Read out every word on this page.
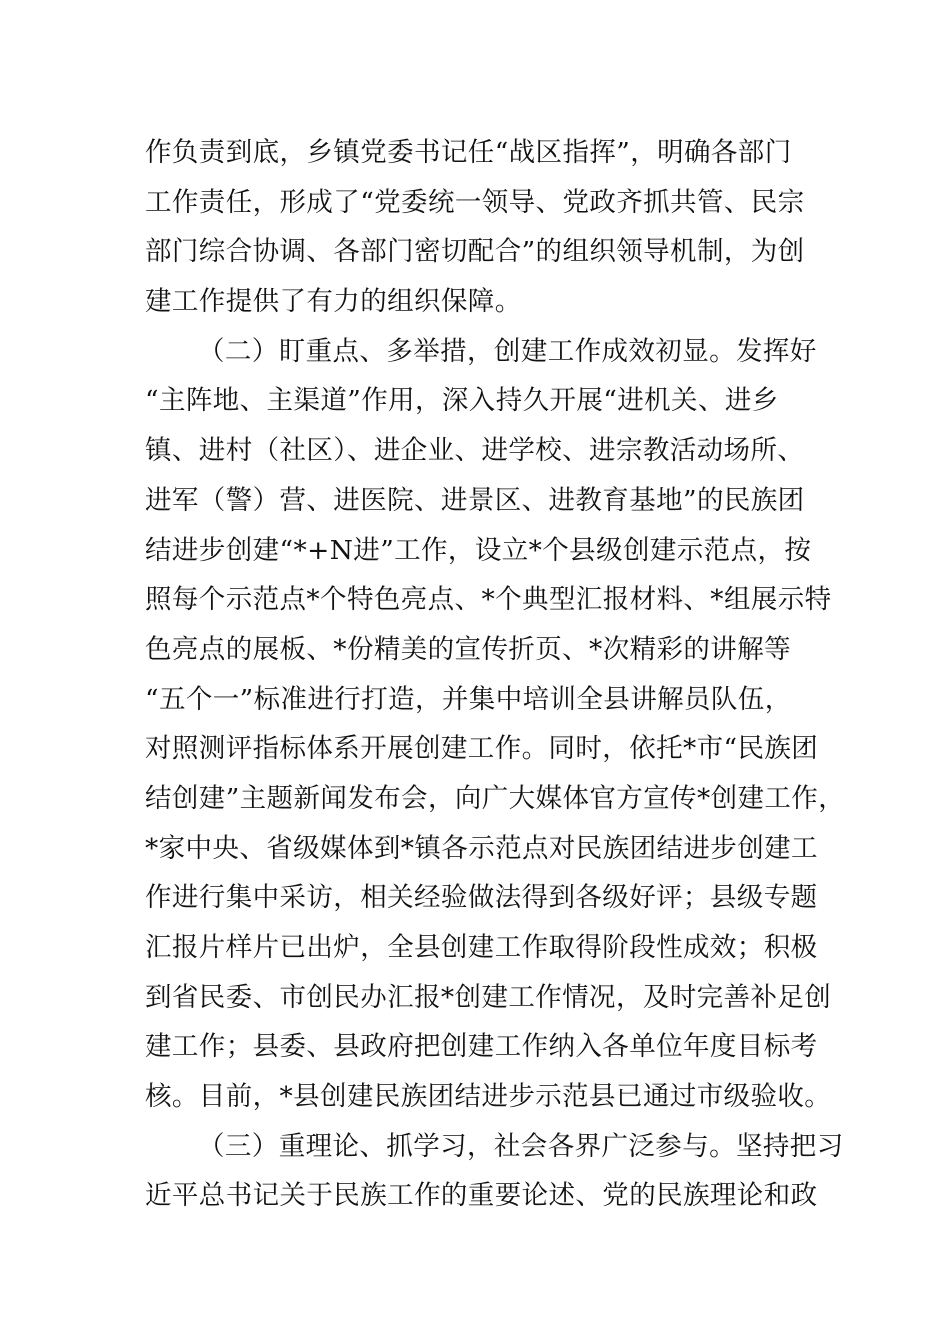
作负责到底，乡镇党委书记任“战区指挥”，明确各部门
工作责任，形成了“党委统一领导、党政齐抓共管、民宗
部门综合协调、各部门密切配合”的组织领导机制，为创
建工作提供了有力的组织保障。
（二）盯重点、多举措，创建工作成效初显。发挥好
“主阵地、主渠道”作用，深入持久开展“进机关、进乡
镇、进村（社区）、进企业、进学校、进宗教活动场所、
进军（警）营、进医院、进景区、进教育基地”的民族团
结进步创建“*+N进”工作，设立*个县级创建示范点，按
照每个示范点*个特色亮点、*个典型汇报材料、*组展示特
色亮点的展板、*份精美的宣传折页、*次精彩的讲解等
“五个一”标准进行打造，并集中培训全县讲解员队伍，
对照测评指标体系开展创建工作。同时，依托*市“民族团
结创建”主题新闻发布会，向广大媒体官方宣传*创建工作，
*家中央、省级媒体到*镇各示范点对民族团结进步创建工
作进行集中采访，相关经验做法得到各级好评；县级专题
汇报片样片已出炉，全县创建工作取得阶段性成效；积极
到省民委、市创民办汇报*创建工作情况，及时完善补足创
建工作；县委、县政府把创建工作纳入各单位年度目标考
核。目前，*县创建民族团结进步示范县已通过市级验收。
（三）重理论、抓学习，社会各界广泛参与。坚持把习
近平总书记关于民族工作的重要论述、党的民族理论和政
